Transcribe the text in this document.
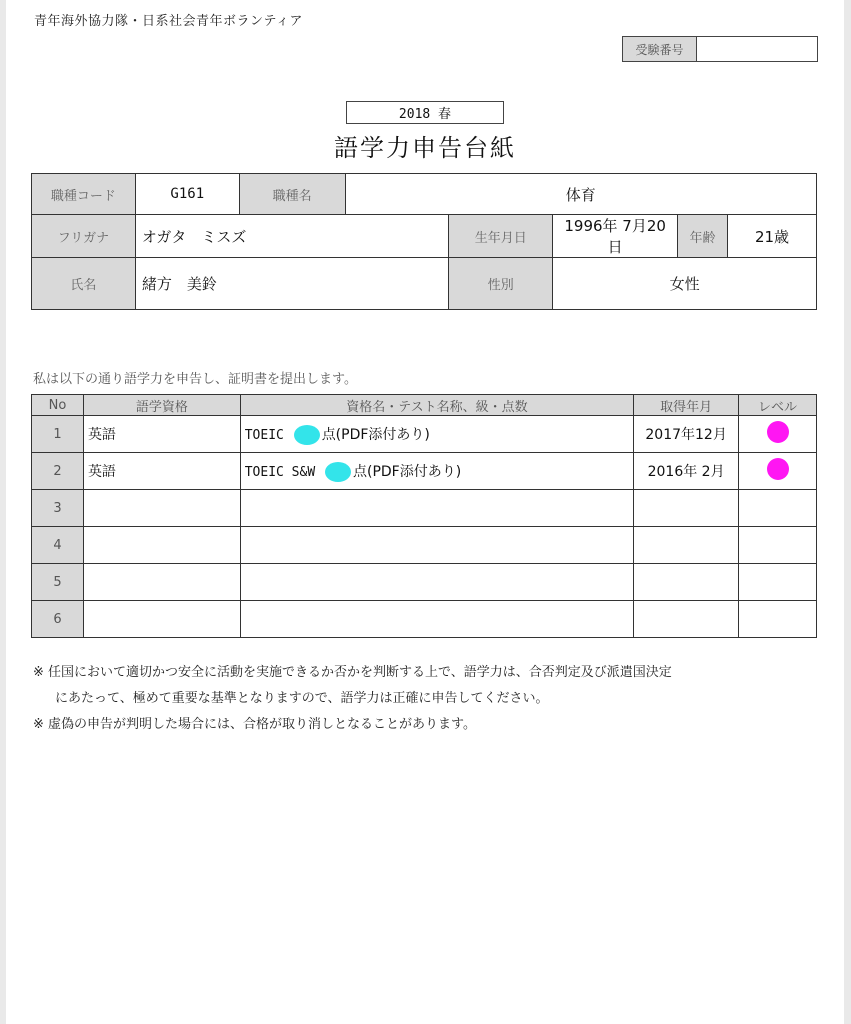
青年海外協力隊・日系社会青年ボランティア
受験番号
2018 春
語学力申告台紙
職種コード	G161	職種名	体育				
フリガナ	オガタ　ミスズ			生年月日	1996年 7月20日	年齢	21歳
氏名	緒方　美鈴			性別	女性		
私は以下の通り語学力を申告し、証明書を提出します。
No	語学資格	資格名・テスト名称、級・点数	取得年月	レベル
1	英語	TOEIC 点(PDF添付あり)	2017年12月	
2	英語	TOEIC S&W 点(PDF添付あり)	2016年 2月	
3				
4				
5				
6				
※ 任国において適切かつ安全に活動を実施できるか否かを判断する上で、語学力は、合否判定及び派遣国決定
にあたって、極めて重要な基準となりますので、語学力は正確に申告してください。
※ 虚偽の申告が判明した場合には、合格が取り消しとなることがあります。
